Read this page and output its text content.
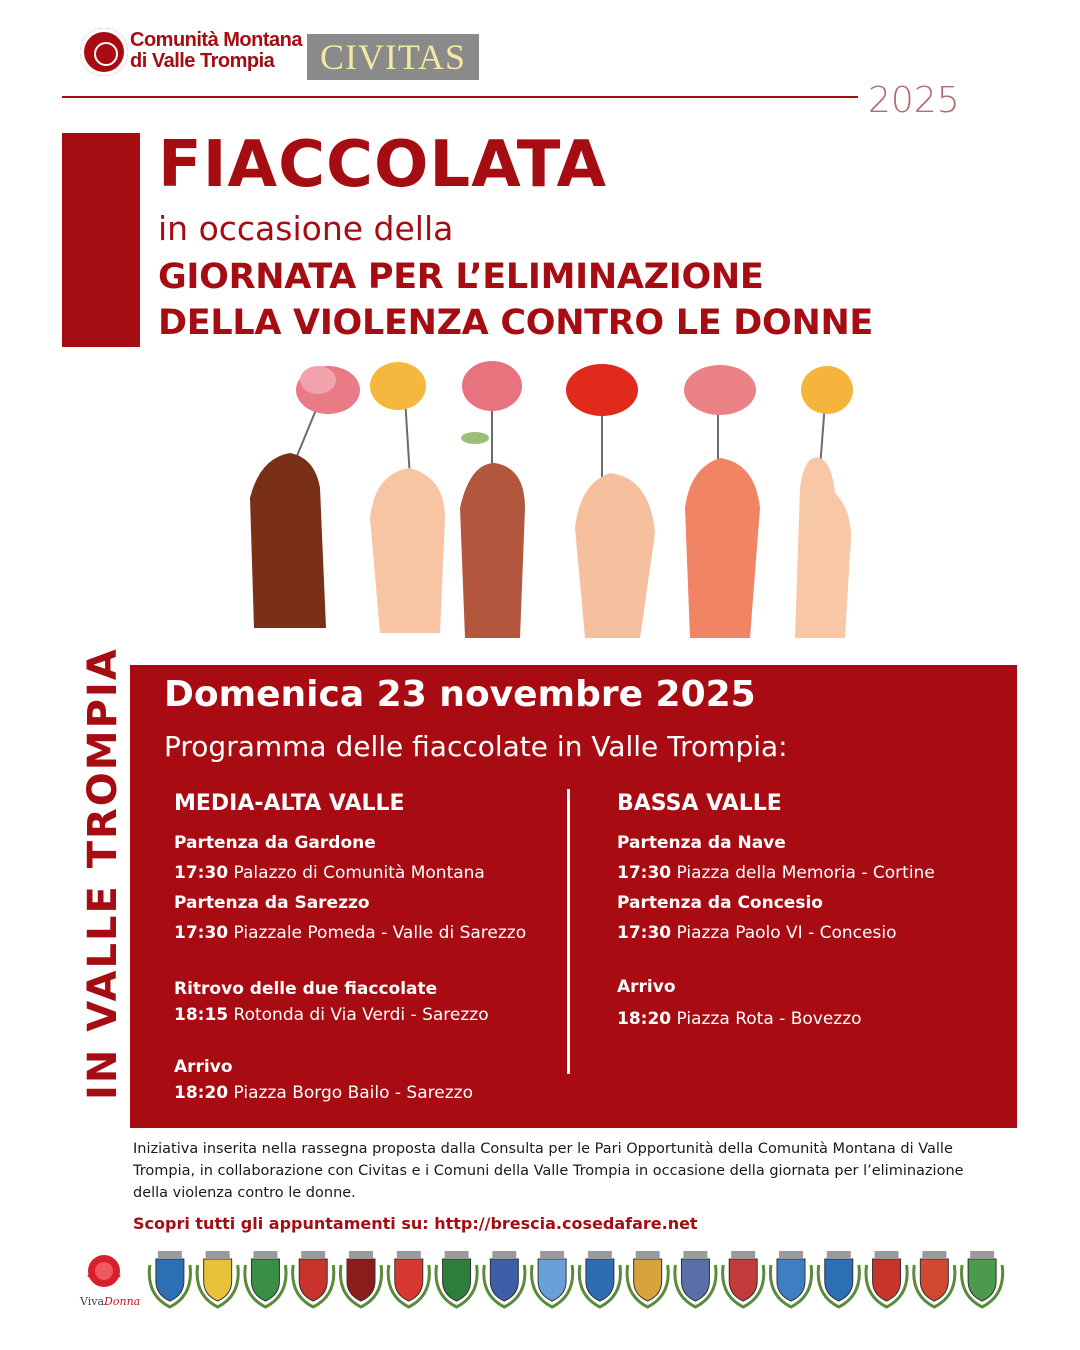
Comunità Montana di Valle Trompia	CIVITAS
2025
FIACCOLATA
in occasione della
GIORNATA PER L’ELIMINAZIONE
DELLA VIOLENZA CONTRO LE DONNE
IN VALLE TROMPIA Domenica 23 novembre 2025
Programma delle fiaccolate in Valle Trompia:
MEDIA-ALTA VALLE
Partenza da Gardone
17:30 Palazzo di Comunità Montana
Partenza da Sarezzo
17:30 Piazzale Pomeda - Valle di Sarezzo
Ritrovo delle due fiaccolate
18:15 Rotonda di Via Verdi - Sarezzo
Arrivo
18:20 Piazza Borgo Bailo - Sarezzo
BASSA VALLE
Partenza da Nave
17:30 Piazza della Memoria - Cortine
Partenza da Concesio
17:30 Piazza Paolo VI - Concesio
Arrivo
18:20 Piazza Rota - Bovezzo
Iniziativa inserita nella rassegna proposta dalla Consulta per le Pari Opportunità della Comunità Montana di Valle Trompia, in collaborazione con Civitas e i Comuni della Valle Trompia in occasione della giornata per l’eliminazione della violenza contro le donne.
Scopri tutti gli appuntamenti su: http://brescia.cosedafare.net
VivaDonna
